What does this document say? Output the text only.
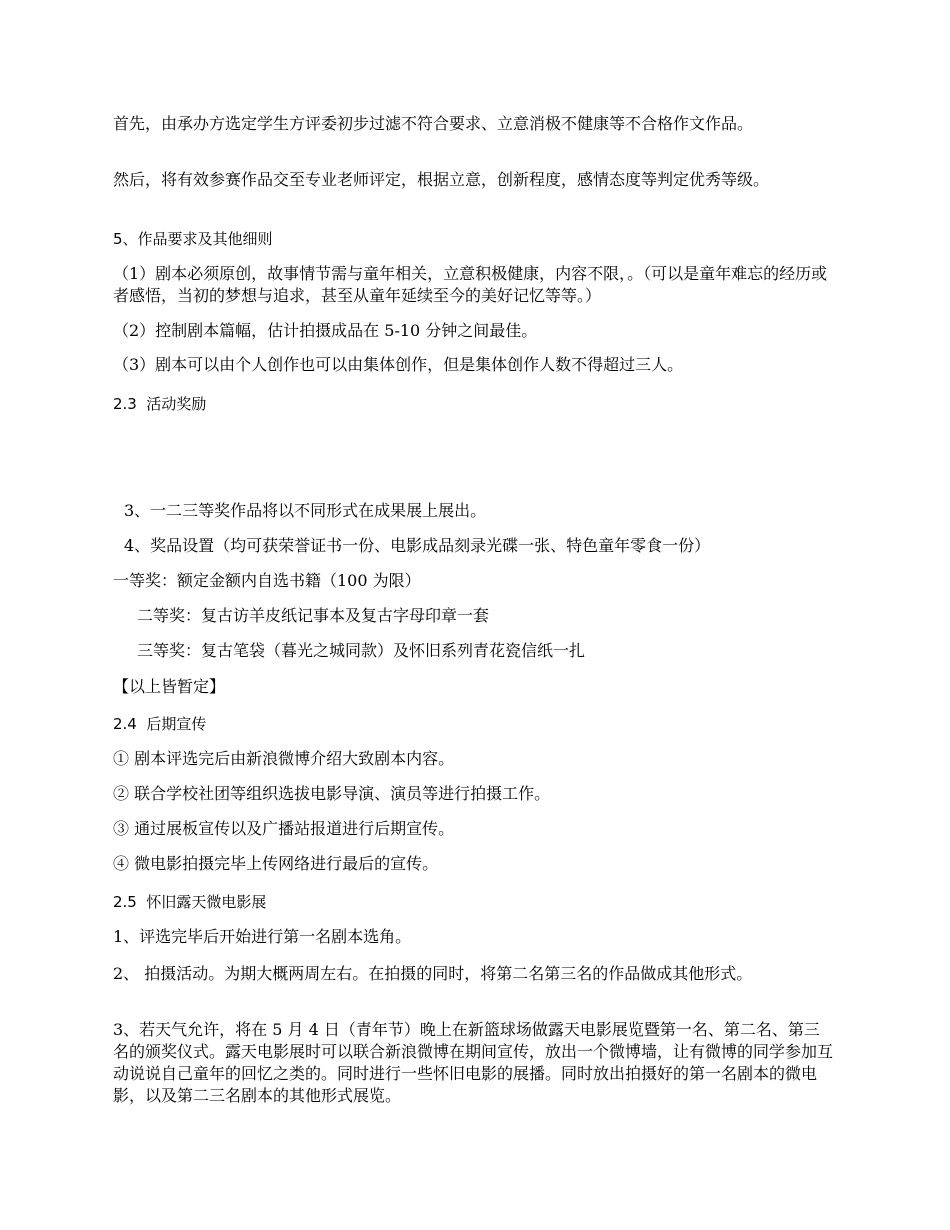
首先，由承办方选定学生方评委初步过滤不符合要求、立意消极不健康等不合格作文作品。
然后，将有效参赛作品交至专业老师评定，根据立意，创新程度，感情态度等判定优秀等级。
5、作品要求及其他细则
（1）剧本必须原创，故事情节需与童年相关，立意积极健康，内容不限，。（可以是童年难忘的经历或者感悟，当初的梦想与追求，甚至从童年延续至今的美好记忆等等。）
（2）控制剧本篇幅，估计拍摄成品在 5-10 分钟之间最佳。
（3）剧本可以由个人创作也可以由集体创作，但是集体创作人数不得超过三人。
2.3  活动奖励
3、一二三等奖作品将以不同形式在成果展上展出。
4、奖品设置（均可获荣誉证书一份、电影成品刻录光碟一张、特色童年零食一份）
一等奖：额定金额内自选书籍（100 为限）
二等奖：复古访羊皮纸记事本及复古字母印章一套
三等奖：复古笔袋（暮光之城同款）及怀旧系列青花瓷信纸一扎
【以上皆暂定】
2.4  后期宣传
① 剧本评选完后由新浪微博介绍大致剧本内容。
② 联合学校社团等组织选拔电影导演、演员等进行拍摄工作。
③ 通过展板宣传以及广播站报道进行后期宣传。
④ 微电影拍摄完毕上传网络进行最后的宣传。
2.5  怀旧露天微电影展
1、评选完毕后开始进行第一名剧本选角。
2、 拍摄活动。为期大概两周左右。在拍摄的同时，将第二名第三名的作品做成其他形式。
3、若天气允许，将在 5 月 4 日（青年节）晚上在新篮球场做露天电影展览暨第一名、第二名、第三名的颁奖仪式。露天电影展时可以联合新浪微博在期间宣传，放出一个微博墙，让有微博的同学参加互动说说自己童年的回忆之类的。同时进行一些怀旧电影的展播。同时放出拍摄好的第一名剧本的微电影，以及第二三名剧本的其他形式展览。
